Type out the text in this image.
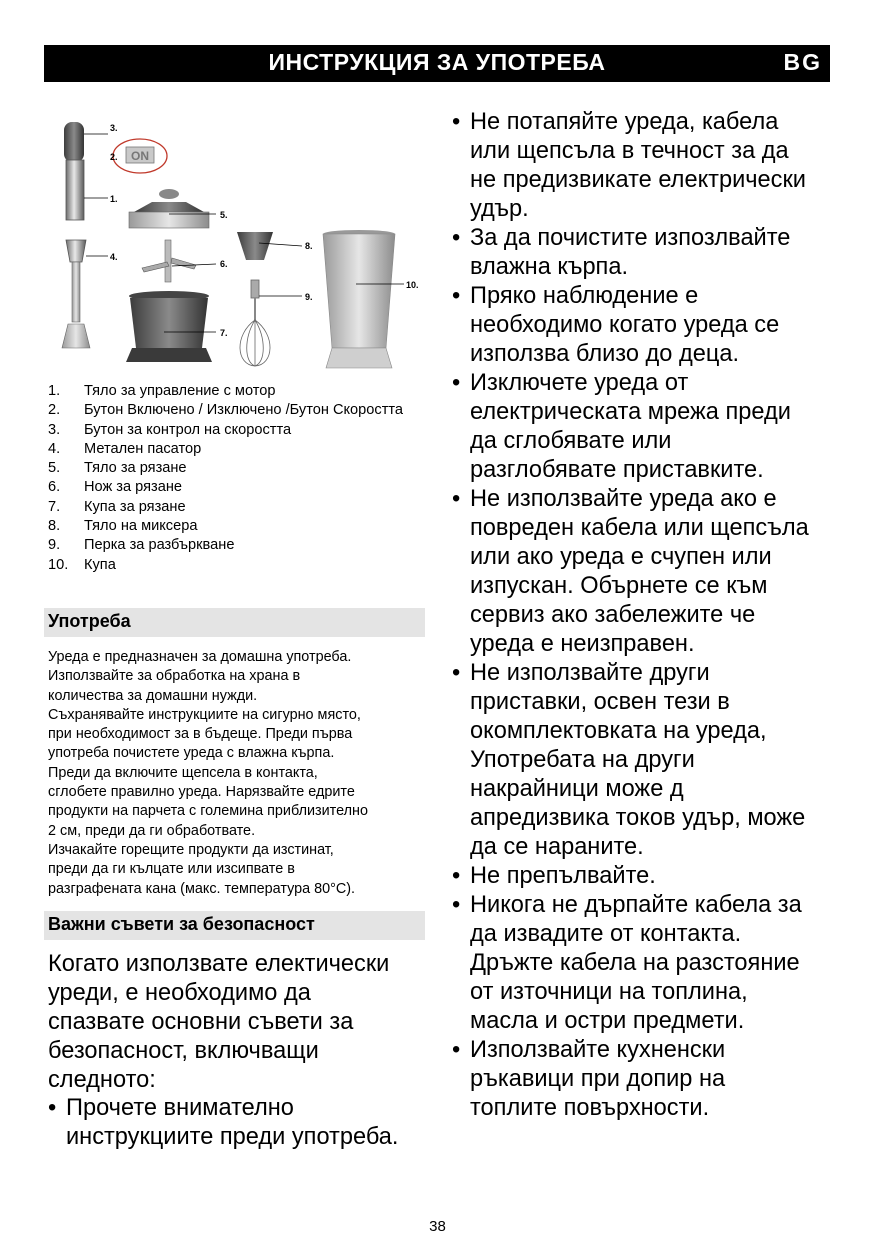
ИНСТРУКЦИЯ ЗА УПОТРЕБА	BG
ON
3.
2.
1.
4.
5.
6.
7.
8.
9.
10.
1. Тяло за управление с мотор
2. Бутон Включено / Изключено /Бутон Скоростта
3. Бутон за контрол на скоростта
4. Метален пасатор
5. Тяло за рязане
6. Нож за рязане
7. Купа за рязане
8. Тяло на миксера
9. Перка за разбъркване
10. Купа
Употреба

Уреда е предназначен за домашна употреба.

Използвайте за обработка на храна в

количества за домашни нужди.

Съхранявайте инструкциите на сигурно място,

при необходимост за в бъдеще. Преди първа

употреба почистете уреда с влажна кърпа.

Преди да включите щепсела в контакта,

сглобете правилно уреда. Нарязвайте едрите

продукти на парчета с големина приблизително

2 см, преди да ги обработвате.

Изчакайте горещите продукти да изстинат,

преди да ги кълцате или изсипвате в

разграфената кана (макс. температура 80°С).

Важни съвети за безопасност
Когато използвате електически
уреди, е необходимо да
спазвате основни съвети за
безопасност, включващи
следното:
• Прочете внимателно
инструкциите преди употреба.
• Не потапяйте уреда, кабела
или щепсъла в течност за да
не предизвикате електрически
удър.
• За да почистите изпозлвайте
влажна кърпа.
• Пряко наблюдение е
необходимо когато уреда се
използва близо до деца.
• Изключете уреда от
електрическата мрежа преди
да сглобявате или
разглобявате приставките.
• Не използвайте уреда ако е
повреден кабела или щепсъла
или ако уреда е счупен или
изпускан. Обърнете се към
сервиз ако забележите че
уреда е неизправен.
• Не използвайте други
приставки, освен тези в
окомплектовката на уреда,
Употребата на други
накрайници може д
апредизвика токов удър, може
да се нараните.
• Не препълвайте.
• Никога не дърпайте кабела за
да извадите от контакта.
Дръжте кабела на разстояние
от източници на топлина,
масла и остри предмети.
• Използвайте кухненски
ръкавици при допир на
топлите повърхности.
38
